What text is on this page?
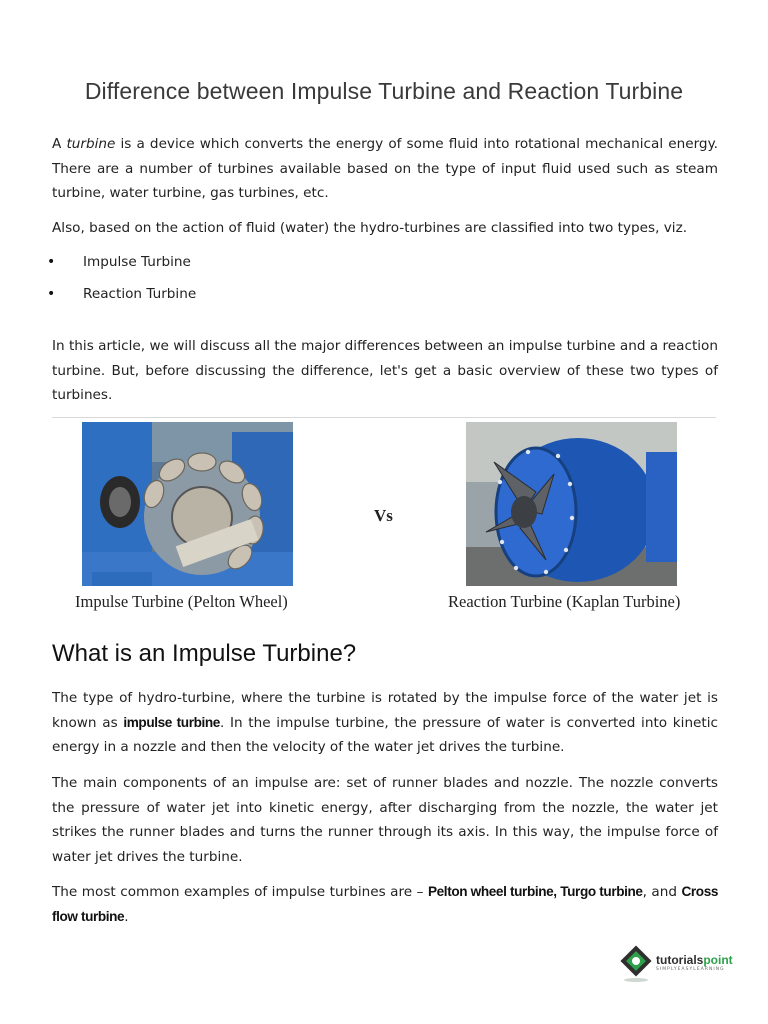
Difference between Impulse Turbine and Reaction Turbine

A turbine is a device which converts the energy of some fluid into rotational mechanical energy. There are a number of turbines available based on the type of input fluid used such as steam turbine, water turbine, gas turbines, etc.

Also, based on the action of fluid (water) the hydro-turbines are classified into two types, viz.

• Impulse Turbine
• Reaction Turbine

In this article, we will discuss all the major differences between an impulse turbine and a reaction turbine. But, before discussing the difference, let's get a basic overview of these two types of turbines.

Impulse Turbine (Pelton Wheel)
Vs
Reaction Turbine (Kaplan Turbine)
What is an Impulse Turbine?

The type of hydro-turbine, where the turbine is rotated by the impulse force of the water jet is known as impulse turbine. In the impulse turbine, the pressure of water is converted into kinetic energy in a nozzle and then the velocity of the water jet drives the turbine.

The main components of an impulse are: set of runner blades and nozzle. The nozzle converts the pressure of water jet into kinetic energy, after discharging from the nozzle, the water jet strikes the runner blades and turns the runner through its axis. In this way, the impulse force of water jet drives the turbine.

The most common examples of impulse turbines are – Pelton wheel turbine, Turgo turbine, and Cross flow turbine.

tutorialspoint
SIMPLYEASYLEARNING
